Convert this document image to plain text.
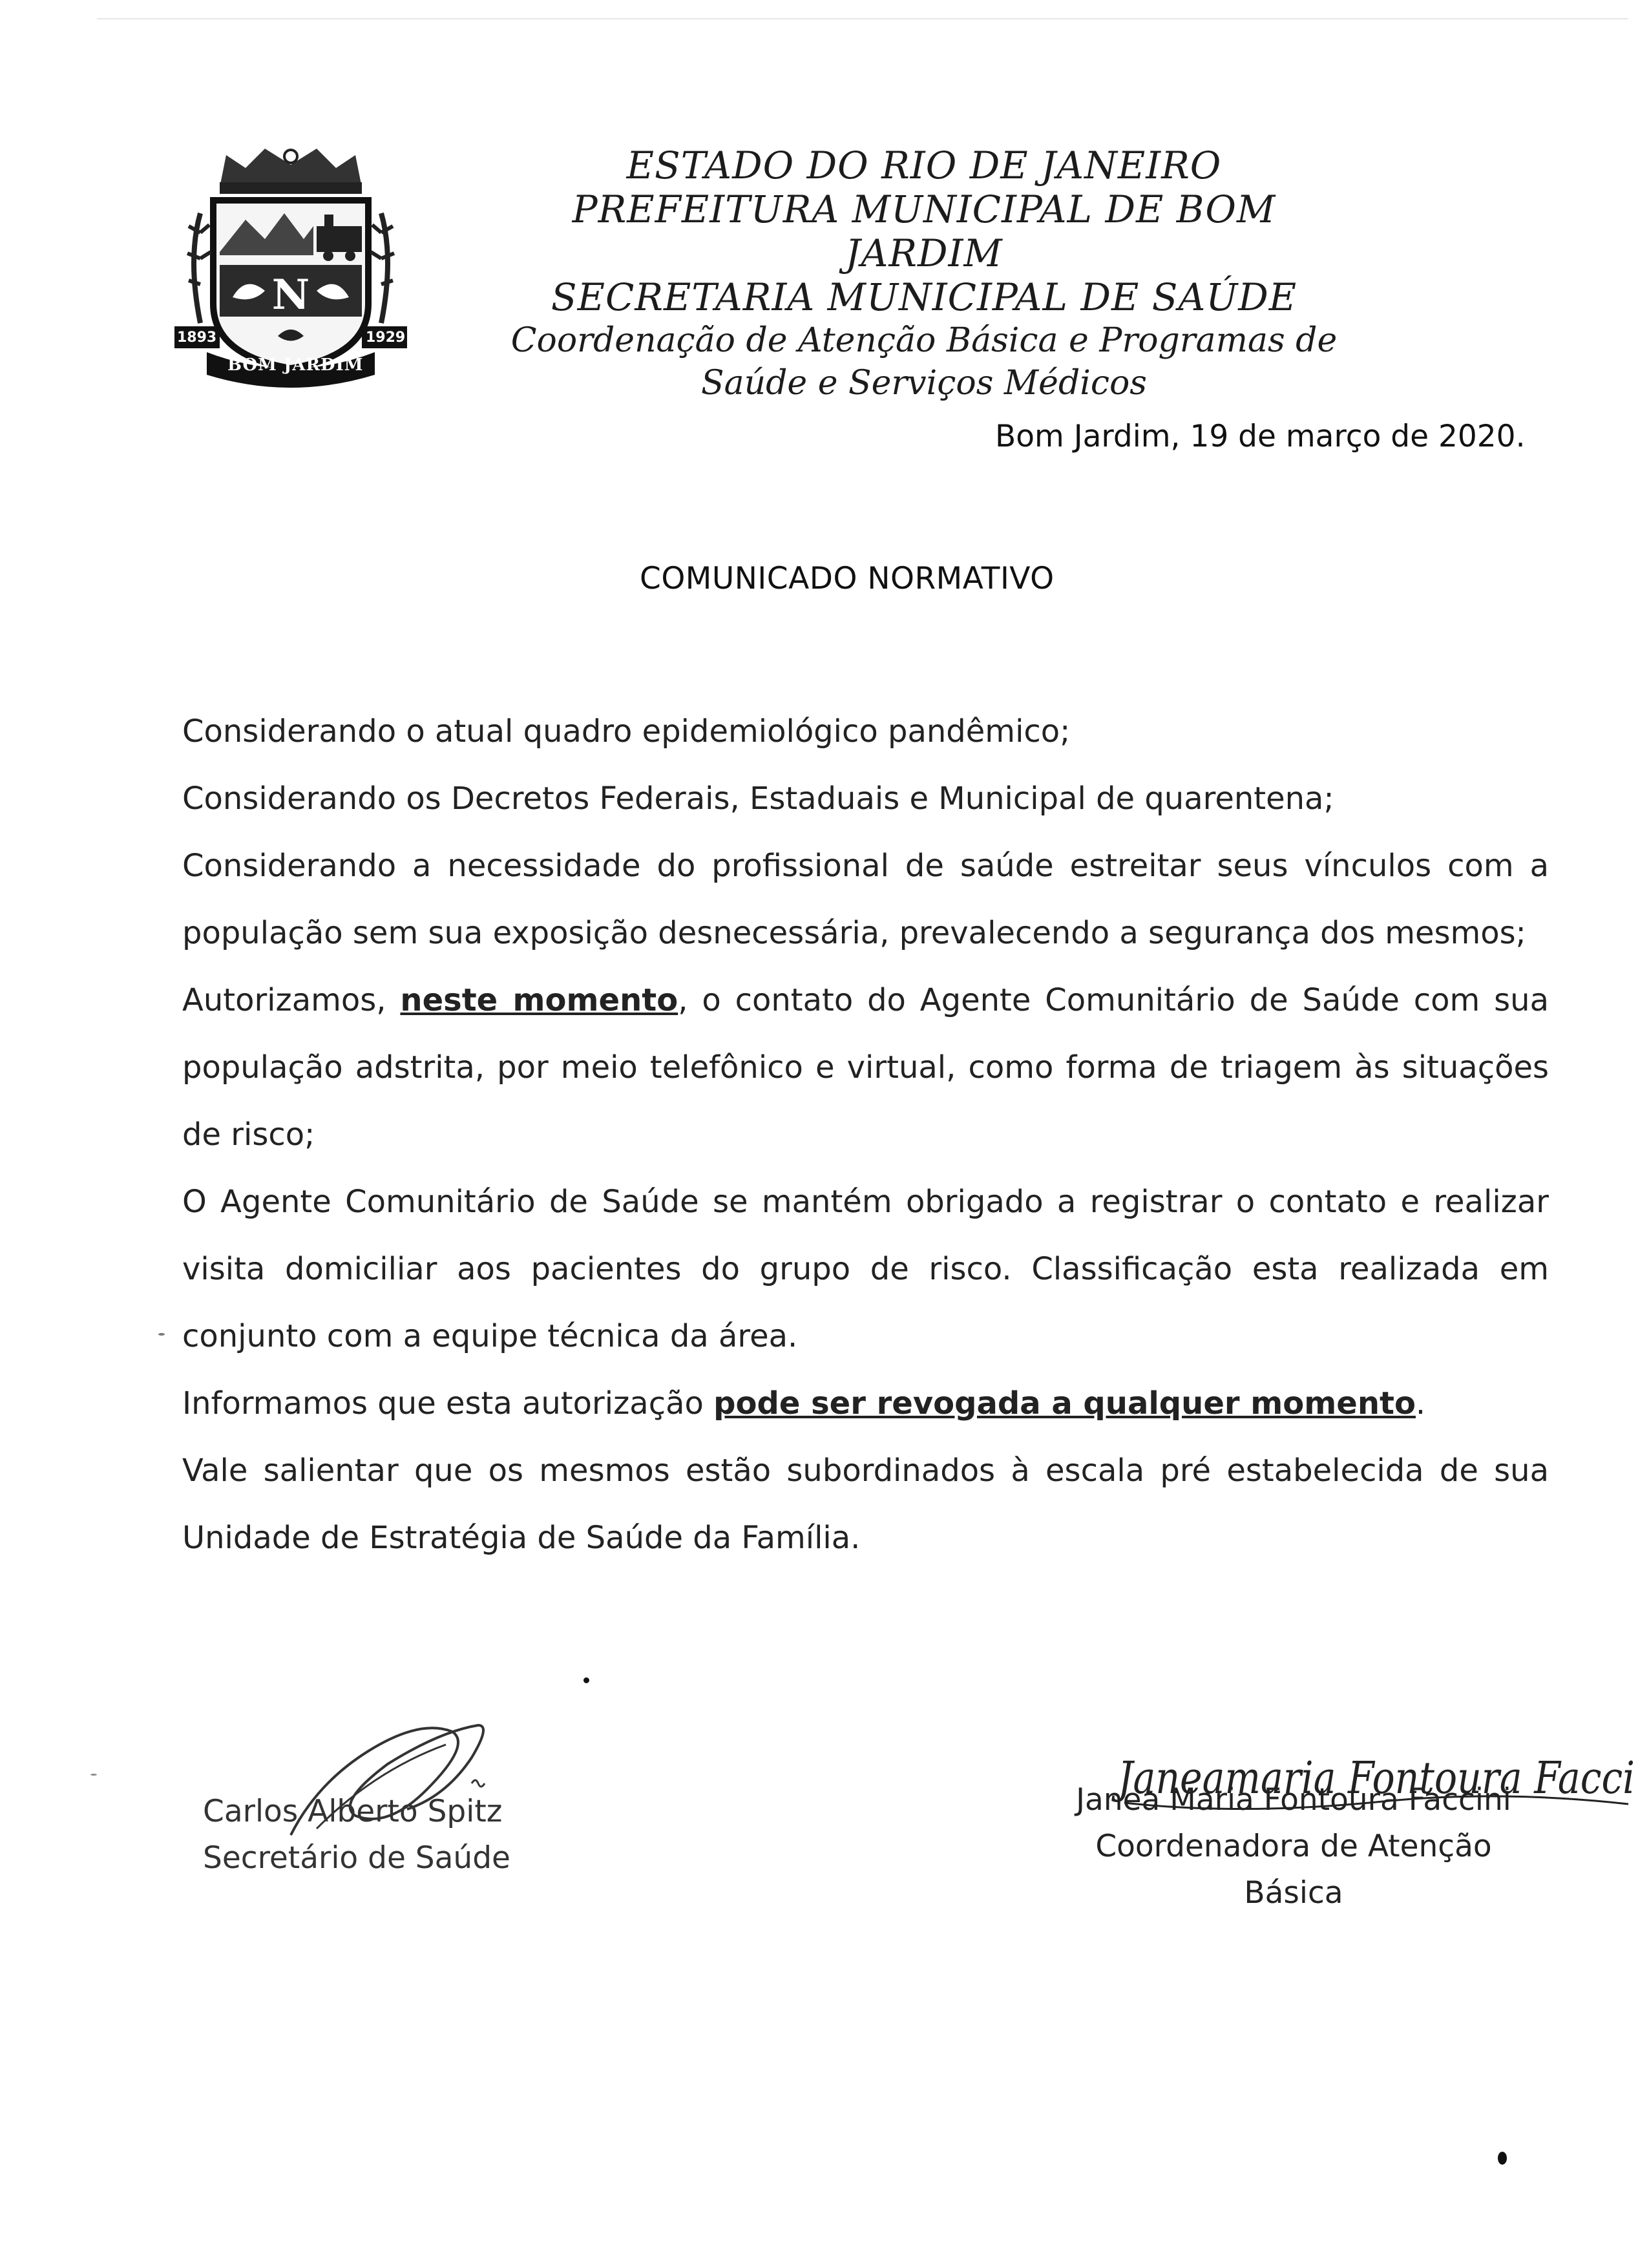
N
1893	1929
BOM JARDIM
ESTADO DO RIO DE JANEIRO
PREFEITURA MUNICIPAL DE BOM JARDIM
SECRETARIA MUNICIPAL DE SAÚDE
Coordenação de Atenção Básica e Programas de
Saúde e Serviços Médicos
Bom Jardim, 19 de março de 2020.
COMUNICADO NORMATIVO

Considerando o atual quadro epidemiológico pandêmico;

Considerando os Decretos Federais, Estaduais e Municipal de quarentena;

Considerando a necessidade do profissional de saúde estreitar seus vínculos com a população sem sua exposição desnecessária, prevalecendo a segurança dos mesmos;

Autorizamos, neste momento, o contato do Agente Comunitário de Saúde com sua população adstrita, por meio telefônico e virtual, como forma de triagem às situações de risco;

O Agente Comunitário de Saúde se mantém obrigado a registrar o contato e realizar visita domiciliar aos pacientes do grupo de risco. Classificação esta realizada em conjunto com a equipe técnica da área.

Informamos que esta autorização pode ser revogada a qualquer momento.

Vale salientar que os mesmos estão subordinados à escala pré estabelecida de sua Unidade de Estratégia de Saúde da Família.

Carlos Alberto Spitz
Secretário de Saúde
Janeamaria Fontoura Facci
Janea Maria Fontoura Faccini
Coordenadora de Atenção Básica
